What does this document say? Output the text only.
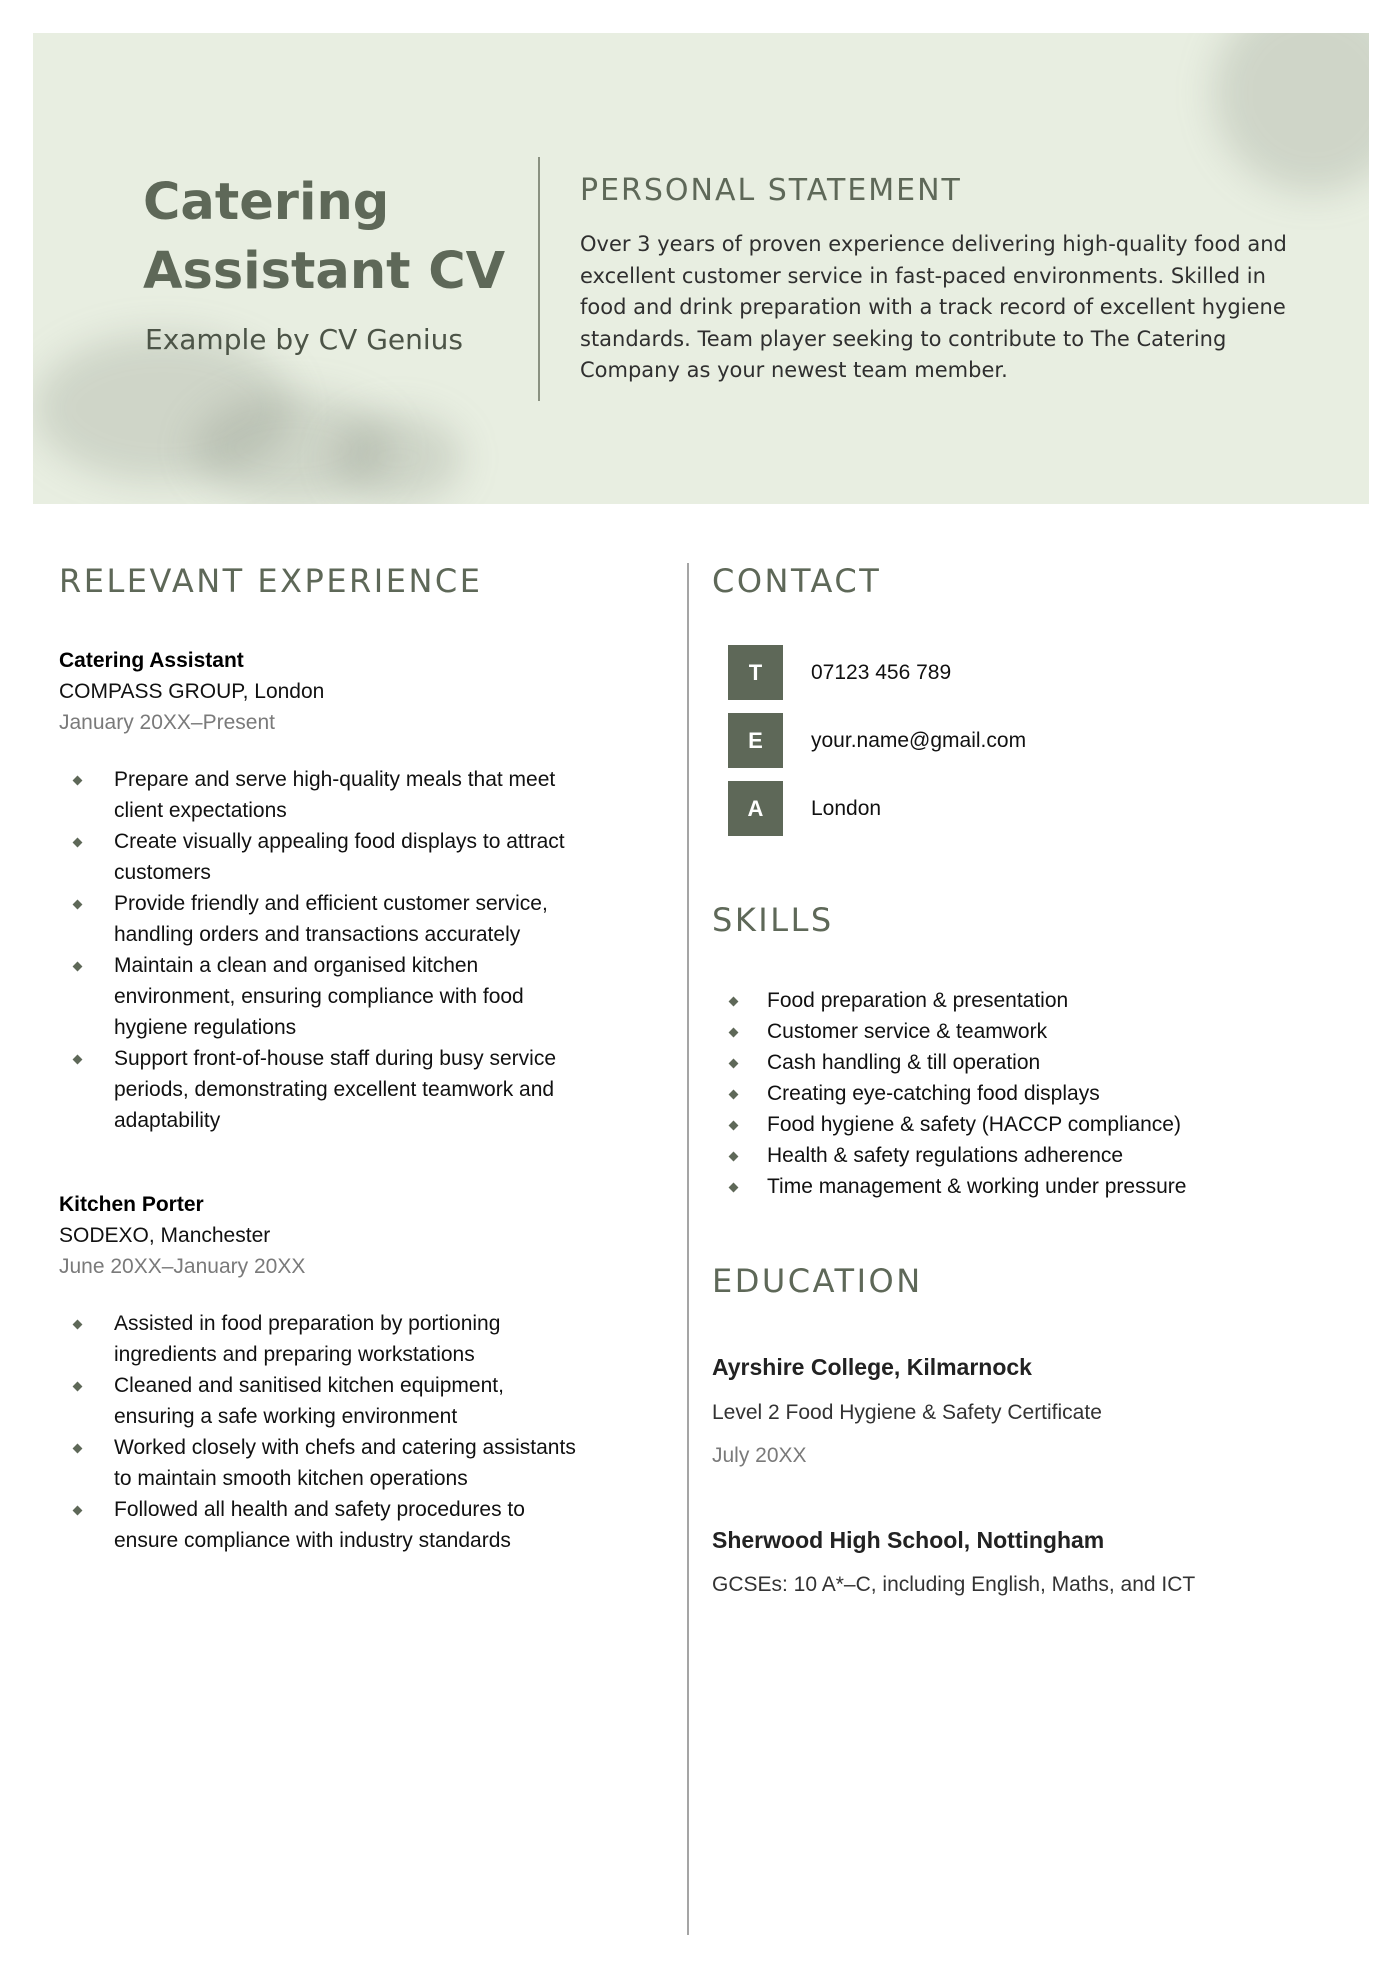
Catering
Assistant CV
Example by CV Genius
PERSONAL STATEMENT
Over 3 years of proven experience delivering high-quality food and excellent customer service in fast-paced environments. Skilled in food and drink preparation with a track record of excellent hygiene standards. Team player seeking to contribute to The Catering Company as your newest team member.
RELEVANT EXPERIENCE
Catering Assistant
COMPASS GROUP, London
January 20XX–Present
Prepare and serve high-quality meals that meet client expectations
Create visually appealing food displays to attract customers
Provide friendly and efficient customer service, handling orders and transactions accurately
Maintain a clean and organised kitchen environment, ensuring compliance with food hygiene regulations
Support front-of-house staff during busy service periods, demonstrating excellent teamwork and adaptability
Kitchen Porter
SODEXO, Manchester
June 20XX–January 20XX
Assisted in food preparation by portioning ingredients and preparing workstations
Cleaned and sanitised kitchen equipment, ensuring a safe working environment
Worked closely with chefs and catering assistants to maintain smooth kitchen operations
Followed all health and safety procedures to ensure compliance with industry standards
CONTACT
T	07123 456 789
E	your.name@gmail.com
A	London
SKILLS
Food preparation & presentation
Customer service & teamwork
Cash handling & till operation
Creating eye-catching food displays
Food hygiene & safety (HACCP compliance)
Health & safety regulations adherence
Time management & working under pressure
EDUCATION
Ayrshire College, Kilmarnock
Level 2 Food Hygiene & Safety Certificate
July 20XX
Sherwood High School, Nottingham
GCSEs: 10 A*–C, including English, Maths, and ICT
